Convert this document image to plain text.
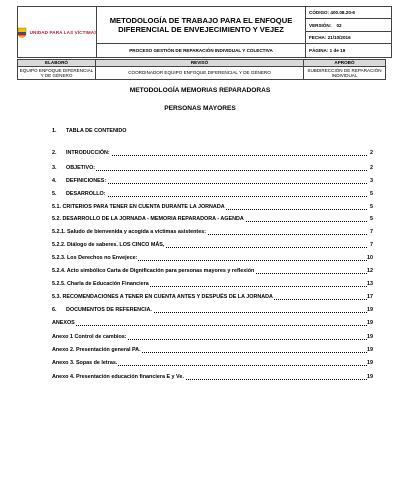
UNIDAD PARA LAS VÍCTIMAS	METODOLOGÍA DE TRABAJO PARA EL ENFOQUE DIFERENCIAL DE ENVEJECIMIENTO Y VEJEZ	CÓDIGO: 400.08.20-6
		VERSIÓN: 02
		FECHA: 21/10/2016
	PROCESO GESTIÓN DE REPARACIÓN INDIVIDUAL Y COLECTIVA	PÁGINA: 1 de 19
ELABORÓ	REVISÓ	APROBÓ
EQUIPO ENFOQUE DIFERENCIAL Y DE GÉNERO	COORDINADOR EQUIPO ENFOQUE DIFERENCIAL Y DE GÉNERO	SUBDIRECCIÓN DE REPARACIÓN INDIVIDUAL
METODOLOGÍA MEMORIAS REPARADORAS
PERSONAS MAYORES
1. TABLA DE CONTENIDO
2. INTRODUCCIÓN:	2
3. OBJETIVO:	2
4. DEFINICIONES:	3
5. DESARROLLO:	5
5.1. CRITERIOS PARA TENER EN CUENTA DURANTE LA JORNADA	5
5.2. DESARROLLO DE LA JORNADA - MEMORIA REPARADORA - AGENDA	5
5.2.1. Saludo de bienvenida y acogida a víctimas asistentes:	7
5.2.2. Diálogo de saberes. LOS CINCO MÁS,	7
5.2.3. Los Derechos no Envejece:	10
5.2.4. Acto simbólico Carta de Dignificación para personas mayores y reflexión	12
5.2.5. Charla de Educación Financiera	13
5.3. RECOMENDACIONES A TENER EN CUENTA ANTES Y DESPUÉS DE LA JORNADA	17
6. DOCUMENTOS DE REFERENCIA.	19
ANEXOS	19
Anexo 1 Control de cambios:	19
Anexo 2. Presentación general PA.	19
Anexo 3. Sopas de letras.	19
Anexo 4. Presentación educación financiera E y Ve.	19
